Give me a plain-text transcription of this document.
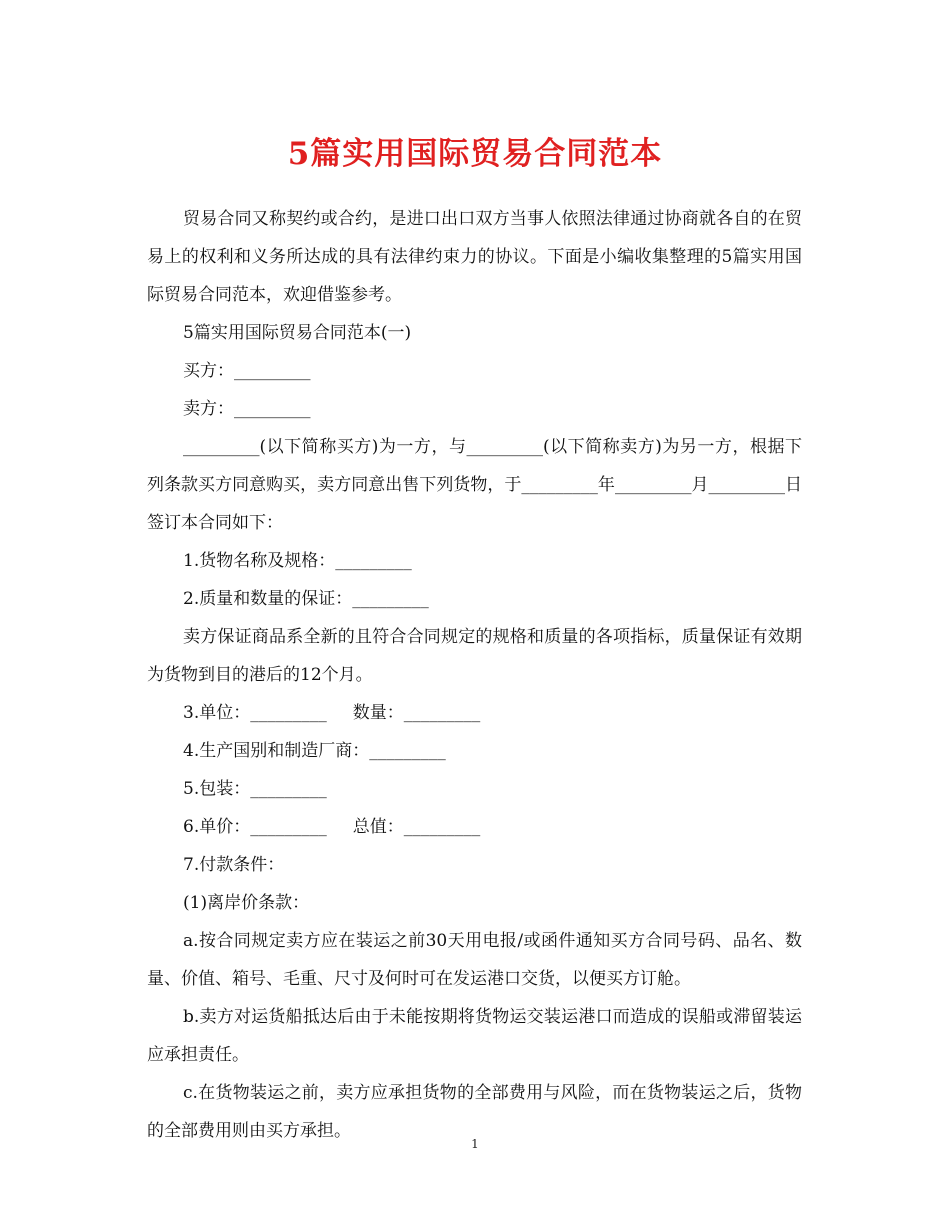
5篇实用国际贸易合同范本

贸易合同又称契约或合约，是进口出口双方当事人依照法律通过协商就各自的在贸易上的权利和义务所达成的具有法律约束力的协议。下面是小编收集整理的5篇实用国际贸易合同范本，欢迎借鉴参考。

5篇实用国际贸易合同范本(一)

买方：_________

卖方：_________

_________(以下简称买方)为一方，与_________(以下简称卖方)为另一方，根据下列条款买方同意购买，卖方同意出售下列货物，于_________年_________月_________日签订本合同如下：

1.货物名称及规格：_________

2.质量和数量的保证：_________

卖方保证商品系全新的且符合合同规定的规格和质量的各项指标，质量保证有效期为货物到目的港后的12个月。

3.单位：_________ 数量：_________

4.生产国别和制造厂商：_________

5.包装：_________

6.单价：_________ 总值：_________

7.付款条件：

(1)离岸价条款：

a.按合同规定卖方应在装运之前30天用电报/或函件通知买方合同号码、品名、数量、价值、箱号、毛重、尺寸及何时可在发运港口交货，以便买方订舱。

b.卖方对运货船抵达后由于未能按期将货物运交装运港口而造成的误船或滞留装运应承担责任。

c.在货物装运之前，卖方应承担货物的全部费用与风险，而在货物装运之后，货物的全部费用则由买方承担。

1
